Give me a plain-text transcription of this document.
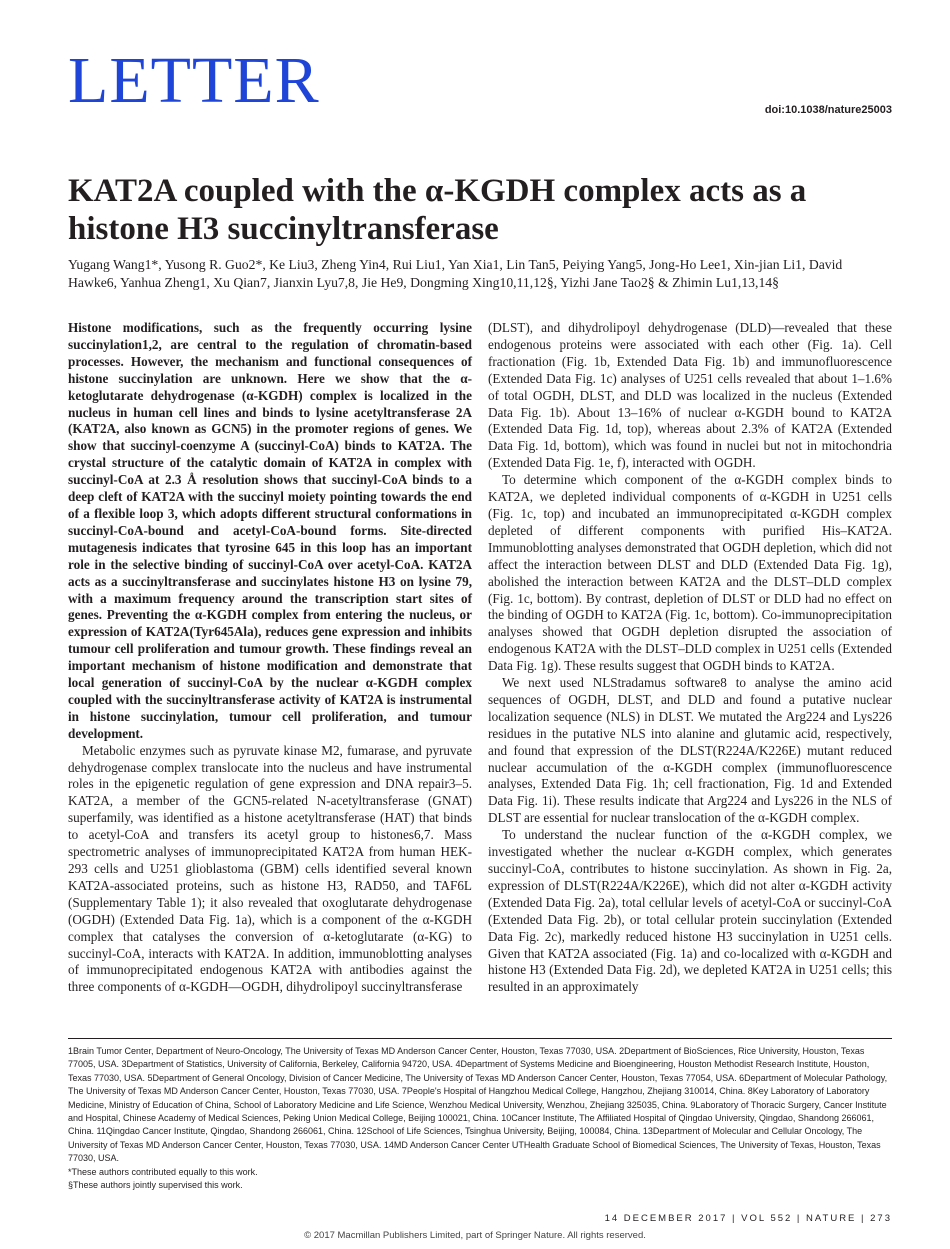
LETTER	doi:10.1038/nature25003
KAT2A coupled with the α-KGDH complex acts as a histone H3 succinyltransferase

Yugang Wang1*, Yusong R. Guo2*, Ke Liu3, Zheng Yin4, Rui Liu1, Yan Xia1, Lin Tan5, Peiying Yang5, Jong-Ho Lee1, Xin-jian Li1, David Hawke6, Yanhua Zheng1, Xu Qian7, Jianxin Lyu7,8, Jie He9, Dongming Xing10,11,12§, Yizhi Jane Tao2§ & Zhimin Lu1,13,14§

Histone modifications, such as the frequently occurring lysine succinylation1,2, are central to the regulation of chromatin-based processes. However, the mechanism and functional consequences of histone succinylation are unknown. Here we show that the α-ketoglutarate dehydrogenase (α-KGDH) complex is localized in the nucleus in human cell lines and binds to lysine acetyltransferase 2A (KAT2A, also known as GCN5) in the promoter regions of genes. We show that succinyl-coenzyme A (succinyl-CoA) binds to KAT2A. The crystal structure of the catalytic domain of KAT2A in complex with succinyl-CoA at 2.3 Å resolution shows that succinyl-CoA binds to a deep cleft of KAT2A with the succinyl moiety pointing towards the end of a flexible loop 3, which adopts different structural conformations in succinyl-CoA-bound and acetyl-CoA-bound forms. Site-directed mutagenesis indicates that tyrosine 645 in this loop has an important role in the selective binding of succinyl-CoA over acetyl-CoA. KAT2A acts as a succinyltransferase and succinylates histone H3 on lysine 79, with a maximum frequency around the transcription start sites of genes. Preventing the α-KGDH complex from entering the nucleus, or expression of KAT2A(Tyr645Ala), reduces gene expression and inhibits tumour cell proliferation and tumour growth. These findings reveal an important mechanism of histone modification and demonstrate that local generation of succinyl-CoA by the nuclear α-KGDH complex coupled with the succinyltransferase activity of KAT2A is instrumental in histone succinylation, tumour cell proliferation, and tumour development.

Metabolic enzymes such as pyruvate kinase M2, fumarase, and pyruvate dehydrogenase complex translocate into the nucleus and have instrumental roles in the epigenetic regulation of gene expression and DNA repair3–5. KAT2A, a member of the GCN5-related N-acetyltransferase (GNAT) superfamily, was identified as a histone acetyltransferase (HAT) that binds to acetyl-CoA and transfers its acetyl group to histones6,7. Mass spectrometric analyses of immunoprecipitated KAT2A from human HEK-293 cells and U251 glioblastoma (GBM) cells identified several known KAT2A-associated proteins, such as histone H3, RAD50, and TAF6L (Supplementary Table 1); it also revealed that oxoglutarate dehydrogenase (OGDH) (Extended Data Fig. 1a), which is a component of the α-KGDH complex that catalyses the conversion of α-ketoglutarate (α-KG) to succinyl-CoA, interacts with KAT2A. In addition, immunoblotting analyses of immunoprecipitated endogenous KAT2A with antibodies against the three components of α-KGDH—OGDH, dihydrolipoyl succinyltransferase

(DLST), and dihydrolipoyl dehydrogenase (DLD)—revealed that these endogenous proteins were associated with each other (Fig. 1a). Cell fractionation (Fig. 1b, Extended Data Fig. 1b) and immunofluorescence (Extended Data Fig. 1c) analyses of U251 cells revealed that about 1–1.6% of total OGDH, DLST, and DLD was localized in the nucleus (Extended Data Fig. 1b). About 13–16% of nuclear α-KGDH bound to KAT2A (Extended Data Fig. 1d, top), whereas about 2.3% of KAT2A (Extended Data Fig. 1d, bottom), which was found in nuclei but not in mitochondria (Extended Data Fig. 1e, f), interacted with OGDH.

To determine which component of the α-KGDH complex binds to KAT2A, we depleted individual components of α-KGDH in U251 cells (Fig. 1c, top) and incubated an immunoprecipitated α-KGDH complex depleted of different components with purified His–KAT2A. Immunoblotting analyses demonstrated that OGDH depletion, which did not affect the interaction between DLST and DLD (Extended Data Fig. 1g), abolished the interaction between KAT2A and the DLST–DLD complex (Fig. 1c, bottom). By contrast, depletion of DLST or DLD had no effect on the binding of OGDH to KAT2A (Fig. 1c, bottom). Co-immunoprecipitation analyses showed that OGDH depletion disrupted the association of endogenous KAT2A with the DLST–DLD complex in U251 cells (Extended Data Fig. 1g). These results suggest that OGDH binds to KAT2A.

We next used NLStradamus software8 to analyse the amino acid sequences of OGDH, DLST, and DLD and found a putative nuclear localization sequence (NLS) in DLST. We mutated the Arg224 and Lys226 residues in the putative NLS into alanine and glutamic acid, respectively, and found that expression of the DLST(R224A/K226E) mutant reduced nuclear accumulation of the α-KGDH complex (immunofluorescence analyses, Extended Data Fig. 1h; cell fractionation, Fig. 1d and Extended Data Fig. 1i). These results indicate that Arg224 and Lys226 in the NLS of DLST are essential for nuclear translocation of the α-KGDH complex.

To understand the nuclear function of the α-KGDH complex, we investigated whether the nuclear α-KGDH complex, which generates succinyl-CoA, contributes to histone succinylation. As shown in Fig. 2a, expression of DLST(R224A/K226E), which did not alter α-KGDH activity (Extended Data Fig. 2a), total cellular levels of acetyl-CoA or succinyl-CoA (Extended Data Fig. 2b), or total cellular protein succinylation (Extended Data Fig. 2c), markedly reduced histone H3 succinylation in U251 cells. Given that KAT2A associated (Fig. 1a) and co-localized with α-KGDH and histone H3 (Extended Data Fig. 2d), we depleted KAT2A in U251 cells; this resulted in an approximately

1Brain Tumor Center, Department of Neuro-Oncology, The University of Texas MD Anderson Cancer Center, Houston, Texas 77030, USA. 2Department of BioSciences, Rice University, Houston, Texas 77005, USA. 3Department of Statistics, University of California, Berkeley, California 94720, USA. 4Department of Systems Medicine and Bioengineering, Houston Methodist Research Institute, Houston, Texas 77030, USA. 5Department of General Oncology, Division of Cancer Medicine, The University of Texas MD Anderson Cancer Center, Houston, Texas 77054, USA. 6Department of Molecular Pathology, The University of Texas MD Anderson Cancer Center, Houston, Texas 77030, USA. 7People's Hospital of Hangzhou Medical College, Hangzhou, Zhejiang 310014, China. 8Key Laboratory of Laboratory Medicine, Ministry of Education of China, School of Laboratory Medicine and Life Science, Wenzhou Medical University, Wenzhou, Zhejiang 325035, China. 9Laboratory of Thoracic Surgery, Cancer Institute and Hospital, Chinese Academy of Medical Sciences, Peking Union Medical College, Beijing 100021, China. 10Cancer Institute, The Affiliated Hospital of Qingdao University, Qingdao, Shandong 266061, China. 11Qingdao Cancer Institute, Qingdao, Shandong 266061, China. 12School of Life Sciences, Tsinghua University, Beijing, 100084, China. 13Department of Molecular and Cellular Oncology, The University of Texas MD Anderson Cancer Center, Houston, Texas 77030, USA. 14MD Anderson Cancer Center UTHealth Graduate School of Biomedical Sciences, The University of Texas, Houston, Texas 77030, USA.

*These authors contributed equally to this work.

§These authors jointly supervised this work.

14 DECEMBER 2017 | VOL 552 | NATURE | 273
© 2017 Macmillan Publishers Limited, part of Springer Nature. All rights reserved.
